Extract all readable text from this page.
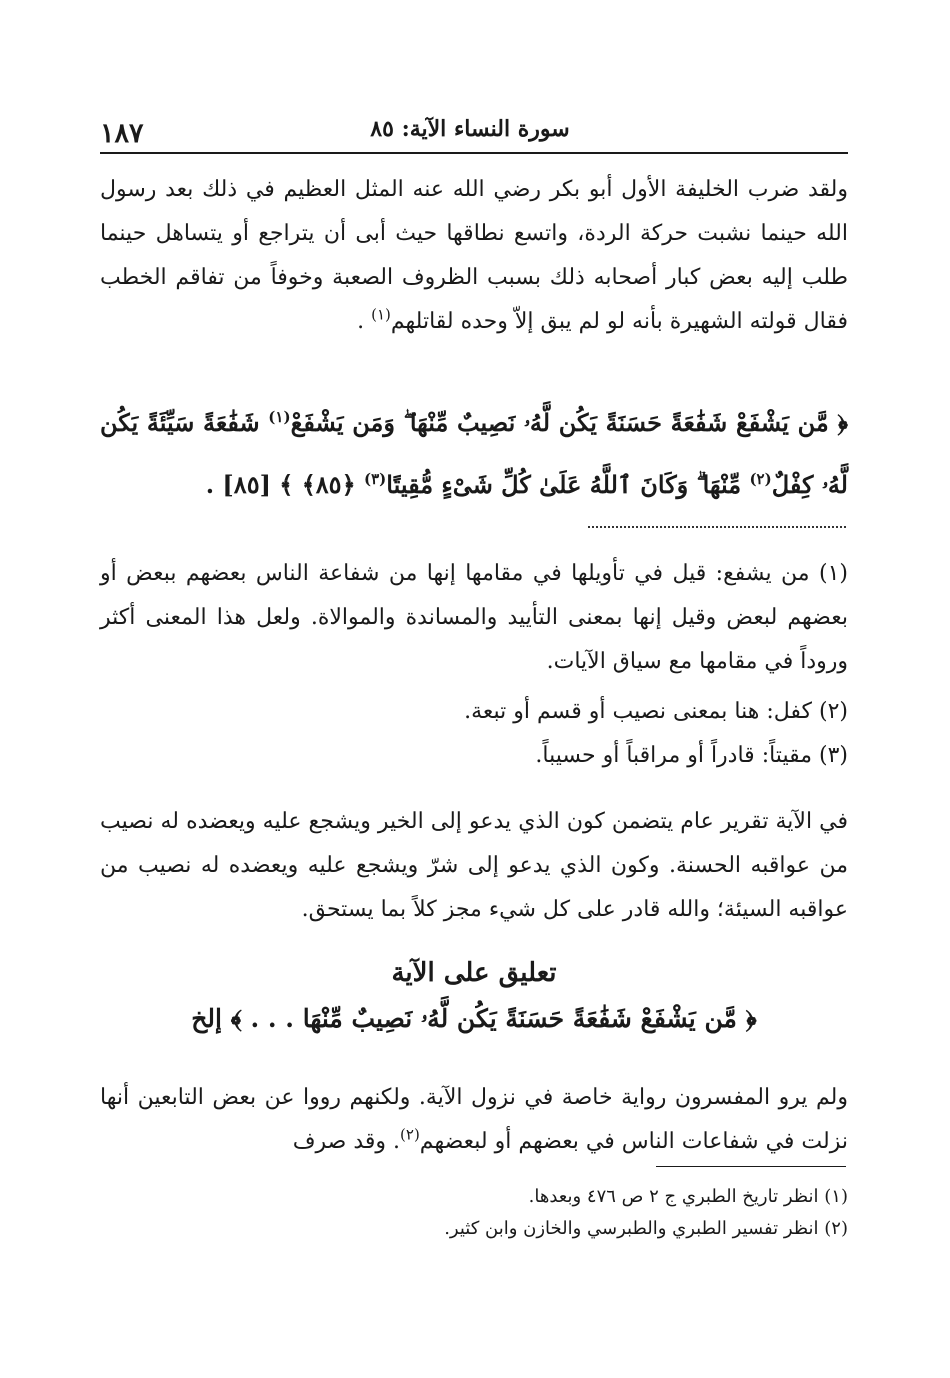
١٨٧	سورة النساء الآية: ٨٥

ولقد ضرب الخليفة الأول أبو بكر رضي الله عنه المثل العظيم في ذلك بعد رسول الله حينما نشبت حركة الردة، واتسع نطاقها حيث أبى أن يتراجع أو يتساهل حينما طلب إليه بعض كبار أصحابه ذلك بسبب الظروف الصعبة وخوفاً من تفاقم الخطب فقال قولته الشهيرة بأنه لو لم يبق إلاّ وحده لقاتلهم$^{(١)}$ .

﴿ مَّن يَشْفَعْ شَفَٰعَةً حَسَنَةً يَكُن لَّهُۥ نَصِيبٌ مِّنْهَا ۖ وَمَن يَشْفَعْ$^{(١)}$ شَفَٰعَةً سَيِّئَةً يَكُن لَّهُۥ كِفْلٌ$^{(٢)}$ مِّنْهَا ۗ وَكَانَ ٱللَّهُ عَلَىٰ كُلِّ شَىْءٍ مُّقِيتًا$^{(٣)}$ ﴿٨٥﴾ ﴾ [٨٥] .

(١) من يشفع: قيل في تأويلها في مقامها إنها من شفاعة الناس بعضهم ببعض أو بعضهم لبعض وقيل إنها بمعنى التأييد والمساندة والموالاة. ولعل هذا المعنى أكثر وروداً في مقامها مع سياق الآيات.

(٢) كفل: هنا بمعنى نصيب أو قسم أو تبعة.

(٣) مقيتاً: قادراً أو مراقباً أو حسيباً.

في الآية تقرير عام يتضمن كون الذي يدعو إلى الخير ويشجع عليه ويعضده له نصيب من عواقبه الحسنة. وكون الذي يدعو إلى شرّ ويشجع عليه ويعضده له نصيب من عواقبه السيئة؛ والله قادر على كل شيء مجز كلاً بما يستحق.

تعليق على الآية
﴿ مَّن يَشْفَعْ شَفَٰعَةً حَسَنَةً يَكُن لَّهُۥ نَصِيبٌ مِّنْهَا . . . ﴾ إلخ

ولم يرو المفسرون رواية خاصة في نزول الآية. ولكنهم رووا عن بعض التابعين أنها نزلت في شفاعات الناس في بعضهم أو لبعضهم$^{(٢)}$. وقد صرف

(١) انظر تاريخ الطبري ج ٢ ص ٤٧٦ وبعدها.
(٢) انظر تفسير الطبري والطبرسي والخازن وابن كثير.
